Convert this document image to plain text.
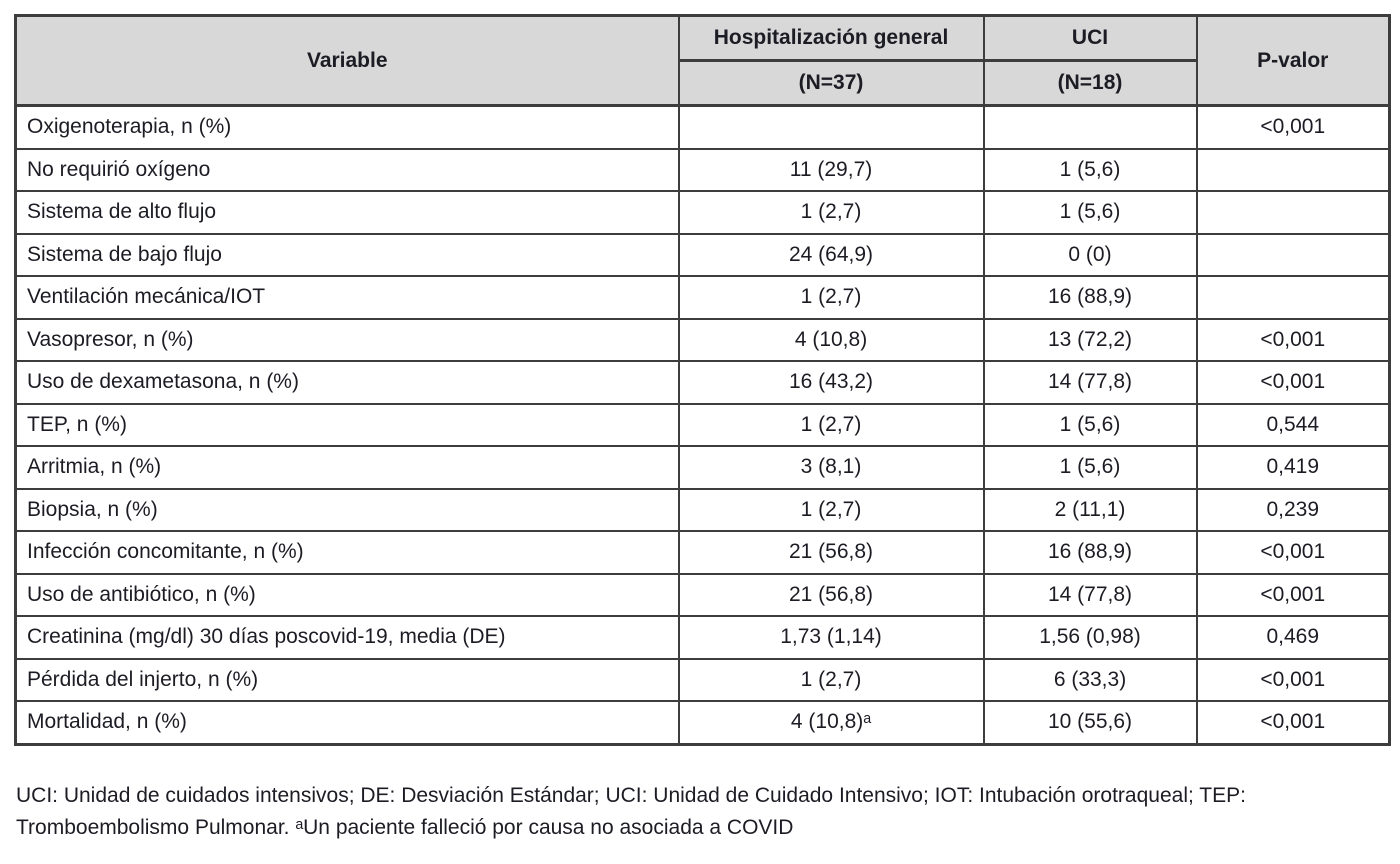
Variable	Hospitalización general	UCI	P-valor
	(N=37)	(N=18)	
Oxigenoterapia, n (%)			<0,001
No requirió oxígeno	11 (29,7)	1 (5,6)	
Sistema de alto flujo	1 (2,7)	1 (5,6)	
Sistema de bajo flujo	24 (64,9)	0 (0)	
Ventilación mecánica/IOT	1 (2,7)	16 (88,9)	
Vasopresor, n (%)	4 (10,8)	13 (72,2)	<0,001
Uso de dexametasona, n (%)	16 (43,2)	14 (77,8)	<0,001
TEP, n (%)	1 (2,7)	1 (5,6)	0,544
Arritmia, n (%)	3 (8,1)	1 (5,6)	0,419
Biopsia, n (%)	1 (2,7)	2 (11,1)	0,239
Infección concomitante, n (%)	21 (56,8)	16 (88,9)	<0,001
Uso de antibiótico, n (%)	21 (56,8)	14 (77,8)	<0,001
Creatinina (mg/dl) 30 días poscovid-19, media (DE)	1,73 (1,14)	1,56 (0,98)	0,469
Pérdida del injerto, n (%)	1 (2,7)	6 (33,3)	<0,001
Mortalidad, n (%)	4 (10,8)ᵃ	10 (55,6)	<0,001

UCI: Unidad de cuidados intensivos; DE: Desviación Estándar; UCI: Unidad de Cuidado Intensivo; IOT: Intubación orotraqueal; TEP: Tromboembolismo Pulmonar. ᵃUn paciente falleció por causa no asociada a COVID
